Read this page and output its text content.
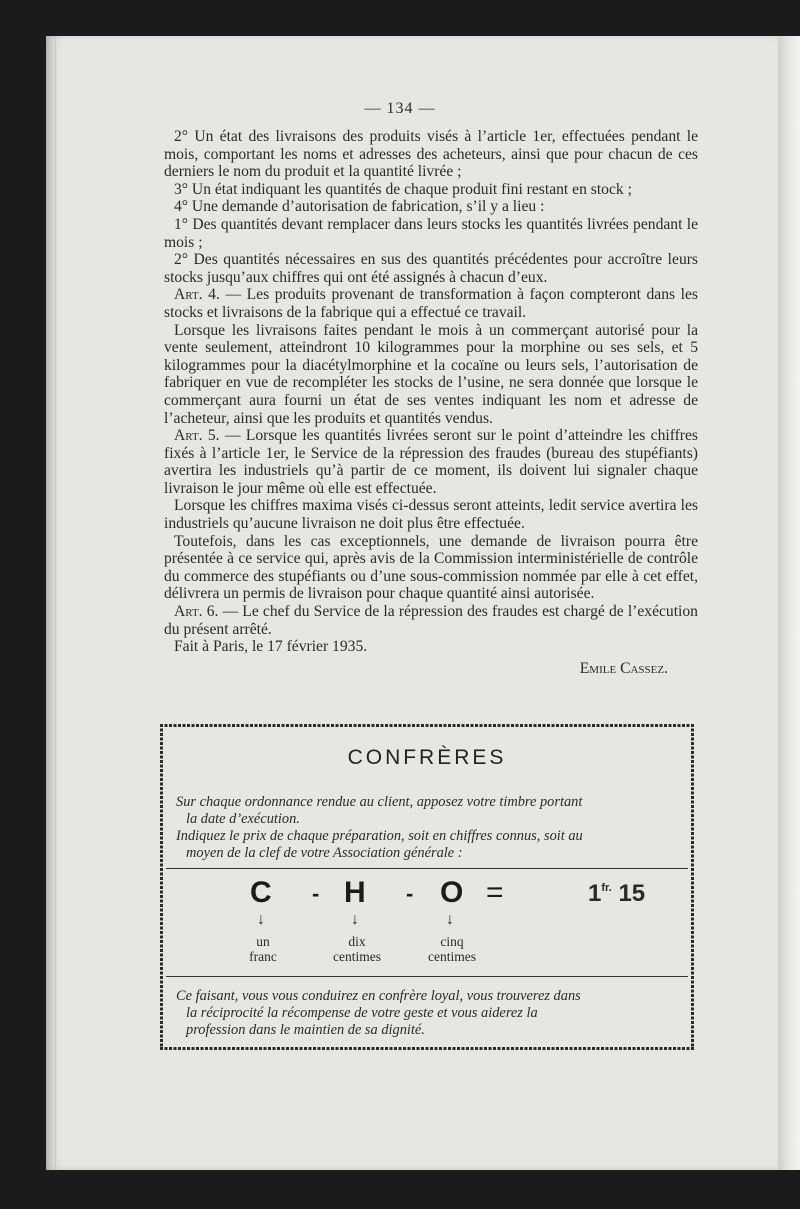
— 134 —

2° Un état des livraisons des produits visés à l’article 1er, effectuées pendant le mois, comportant les noms et adresses des acheteurs, ainsi que pour chacun de ces derniers le nom du produit et la quantité livrée ;

3° Un état indiquant les quantités de chaque produit fini restant en stock ;

4° Une demande d’autorisation de fabrication, s’il y a lieu :

1° Des quantités devant remplacer dans leurs stocks les quantités livrées pendant le mois ;

2° Des quantités nécessaires en sus des quantités précédentes pour accroître leurs stocks jusqu’aux chiffres qui ont été assignés à chacun d’eux.

Art. 4. — Les produits provenant de transformation à façon compteront dans les stocks et livraisons de la fabrique qui a effectué ce travail.

Lorsque les livraisons faites pendant le mois à un commerçant autorisé pour la vente seulement, atteindront 10 kilogrammes pour la morphine ou ses sels, et 5 kilogrammes pour la diacétylmorphine et la cocaïne ou leurs sels, l’autorisation de fabriquer en vue de recompléter les stocks de l’usine, ne sera donnée que lorsque le commerçant aura fourni un état de ses ventes indiquant les nom et adresse de l’acheteur, ainsi que les produits et quantités vendus.

Art. 5. — Lorsque les quantités livrées seront sur le point d’atteindre les chiffres fixés à l’article 1er, le Service de la répression des fraudes (bureau des stupéfiants) avertira les industriels qu’à partir de ce moment, ils doivent lui signaler chaque livraison le jour même où elle est effectuée.

Lorsque les chiffres maxima visés ci-dessus seront atteints, ledit service avertira les industriels qu’aucune livraison ne doit plus être effectuée.

Toutefois, dans les cas exceptionnels, une demande de livraison pourra être présentée à ce service qui, après avis de la Commission interministérielle de contrôle du commerce des stupéfiants ou d’une sous-commission nommée par elle à cet effet, délivrera un permis de livraison pour chaque quantité ainsi autorisée.

Art. 6. — Le chef du Service de la répression des fraudes est chargé de l’exécution du présent arrêté.

Fait à Paris, le 17 février 1935.

Emile Cassez.

CONFRÈRES
Sur chaque ordonnance rendue au client, apposez votre timbre portant
la date d’exécution.
Indiquez le prix de chaque préparation, soit en chiffres connus, soit au
moyen de la clef de votre Association générale :
C - H - O =	$1^{fr.}$ 15
↓	↓	↓
un
franc
dix
centimes
cinq
centimes
Ce faisant, vous vous conduirez en confrère loyal, vous trouverez dans
la réciprocité la récompense de votre geste et vous aiderez la
profession dans le maintien de sa dignité.
